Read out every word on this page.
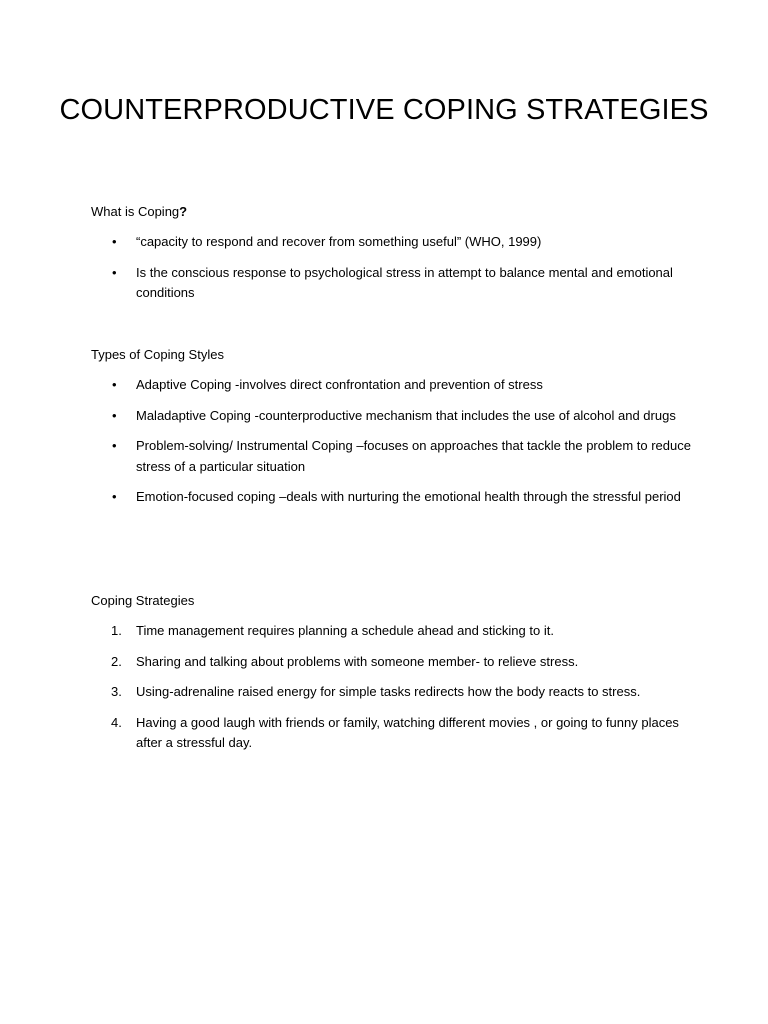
COUNTERPRODUCTIVE COPING STRATEGIES

What is Coping?

• “capacity to respond and recover from something useful” (WHO, 1999)
• Is the conscious response to psychological stress in attempt to balance mental and emotional conditions

Types of Coping Styles

• Adaptive Coping -involves direct confrontation and prevention of stress
• Maladaptive Coping -counterproductive mechanism that includes the use of alcohol and drugs
• Problem-solving/ Instrumental Coping –focuses on approaches that tackle the problem to reduce stress of a particular situation
• Emotion-focused coping –deals with nurturing the emotional health through the stressful period

Coping Strategies

1. Time management requires planning a schedule ahead and sticking to it.
2. Sharing and talking about problems with someone member- to relieve stress.
3. Using-adrenaline raised energy for simple tasks redirects how the body reacts to stress.
4. Having a good laugh with friends or family, watching different movies , or going to funny places after a stressful day.
